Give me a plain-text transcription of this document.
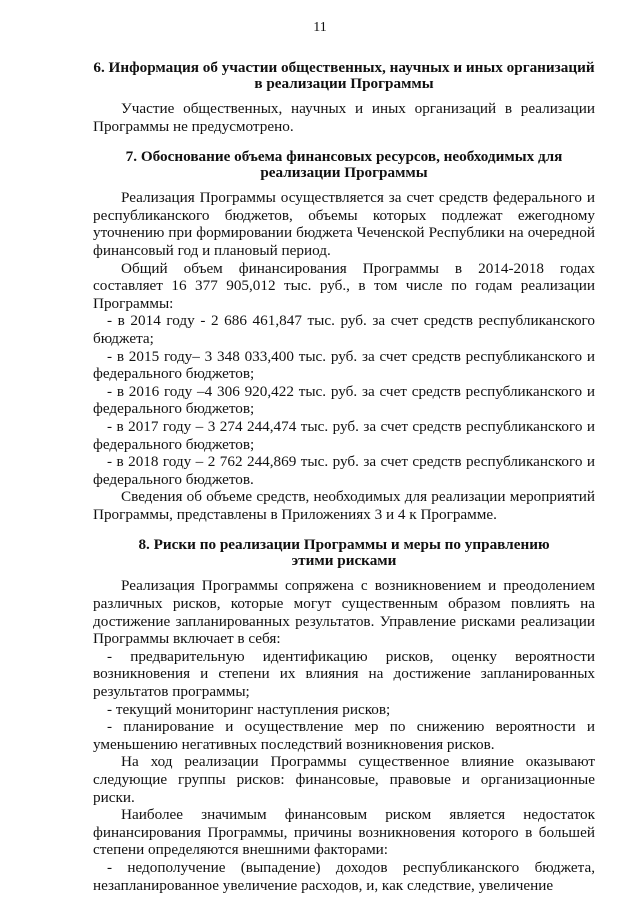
11
6. Информация об участии общественных, научных и иных организаций
в реализации Программы

Участие общественных, научных и иных организаций в реализации Программы не предусмотрено.

7. Обоснование объема финансовых ресурсов, необходимых для
реализации Программы

Реализация Программы осуществляется за счет средств федерального и республиканского бюджетов, объемы которых подлежат ежегодному уточнению при формировании бюджета Чеченской Республики на очередной финансовый год и плановый период.

Общий объем финансирования Программы в 2014-2018 годах составляет 16 377 905,012 тыс. руб., в том числе по годам реализации Программы:

- в 2014 году - 2 686 461,847 тыс. руб. за счет средств республиканского бюджета;

- в 2015 году– 3 348 033,400 тыс. руб. за счет средств республиканского и федерального бюджетов;

- в 2016 году –4 306 920,422 тыс. руб. за счет средств республиканского и федерального бюджетов;

- в 2017 году – 3 274 244,474 тыс. руб. за счет средств республиканского и федерального бюджетов;

- в 2018 году – 2 762 244,869 тыс. руб. за счет средств республиканского и федерального бюджетов.

Сведения об объеме средств, необходимых для реализации мероприятий Программы, представлены в Приложениях 3 и 4 к Программе.

8. Риски по реализации Программы и меры по управлению
этими рисками

Реализация Программы сопряжена с возникновением и преодолением различных рисков, которые могут существенным образом повлиять на достижение запланированных результатов. Управление рисками реализации Программы включает в себя:

- предварительную идентификацию рисков, оценку вероятности возникновения и степени их влияния на достижение запланированных результатов программы;

- текущий мониторинг наступления рисков;

- планирование и осуществление мер по снижению вероятности и уменьшению негативных последствий возникновения рисков.

На ход реализации Программы существенное влияние оказывают следующие группы рисков: финансовые, правовые и организационные риски.

Наиболее значимым финансовым риском является недостаток финансирования Программы, причины возникновения которого в большей степени определяются внешними факторами:

- недополучение (выпадение) доходов республиканского бюджета, незапланированное увеличение расходов, и, как следствие, увеличение
